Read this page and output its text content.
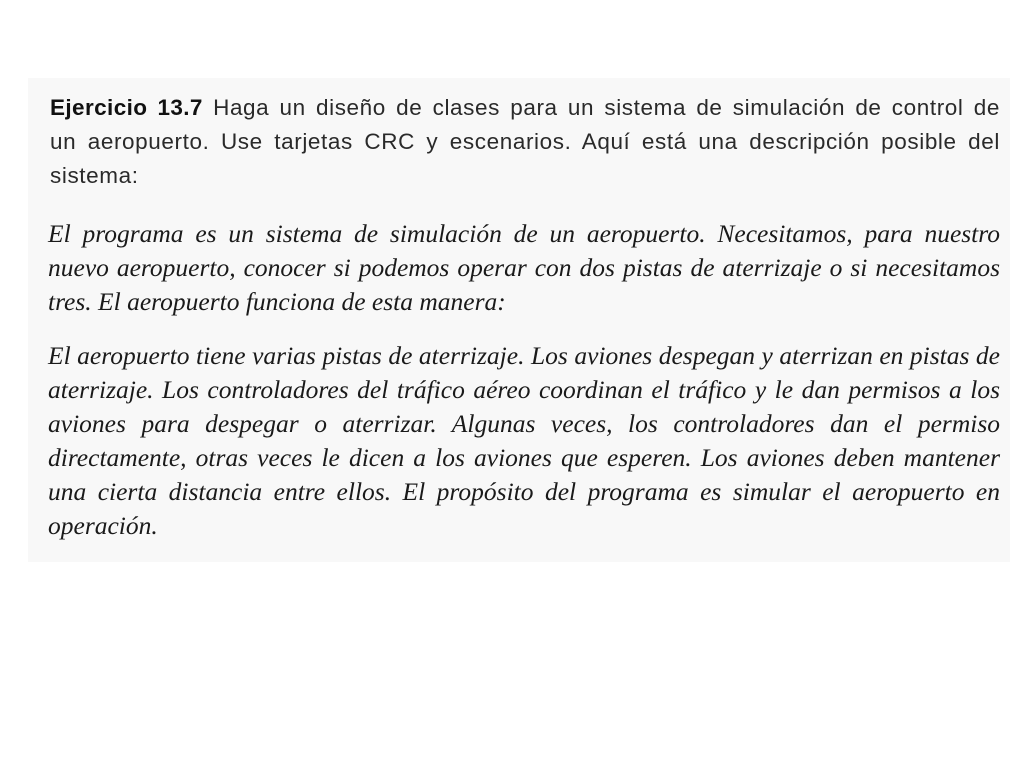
Ejercicio 13.7 Haga un diseño de clases para un sistema de simulación de control de un aeropuerto. Use tarjetas CRC y escenarios. Aquí está una descripción posible del sistema:

El programa es un sistema de simulación de un aeropuerto. Necesitamos, para nuestro nuevo aeropuerto, conocer si podemos operar con dos pistas de aterrizaje o si necesitamos tres. El aeropuerto funciona de esta manera:

El aeropuerto tiene varias pistas de aterrizaje. Los aviones despegan y aterrizan en pistas de aterrizaje. Los controladores del tráfico aéreo coordinan el tráfico y le dan permisos a los aviones para despegar o aterrizar. Algunas veces, los controladores dan el permiso directamente, otras veces le dicen a los aviones que esperen. Los aviones deben mantener una cierta distancia entre ellos. El propósito del programa es simular el aeropuerto en operación.
